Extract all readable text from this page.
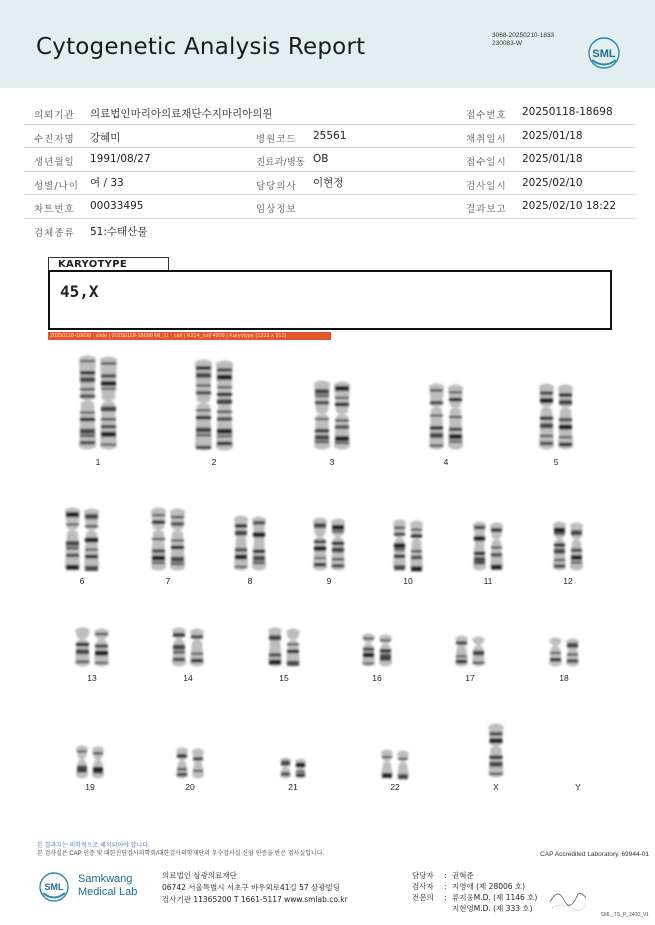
Cytogenetic Analysis Report	3068-20250210-1833
230083-W
SML
의뢰기관 의료법인마리아의료재단수지마리아의원	접수번호 20250118-18698
수진자명 강혜미	병원코드 25561	채취일시 2025/01/18
생년월일 1991/08/27	진료과/병동 OB	접수일시 2025/01/18
성별/나이 여 / 33	담당의사 이현정	검사일시 2025/02/10
차트번호 00033495	임상정보	결과보고 2025/02/10 18:22
검체종류 51:수태산물
KARYOTYPE
45,X
20250118-18698 : slide | 20250118-18698 MI_11 : cell | R214_cell 4909 | Karyotype (1232 x 912)
1	2	3	4	5
6	7	8	9	10	11	12
13	14	15	16	17	18
19	20	21	22	X	Y
본 결과지는 의학적으로 해석되어야 합니다.
본 검사실은 CAP 인증 및 대한진단검사의학회/대한검사의학재단의 우수검사실 신임 인증을 받은 검사실입니다.	CAP Accredited Laboratory. 69944-01
SML
Samkwang
Medical Lab
의료법인 삼광의료재단
06742 서울특별시 서초구 바우뫼로41길 57 삼광빌딩
검사기관 11365200 T 1661-5117 www.smlab.co.kr
담당자 : 권혁준
검사자 : 지영애 (제 28006 호)
전문의 : 류지웅M.D. (제 1146 호)
지현영M.D. (제 333 호)
SML_TS_P_2400_V1
